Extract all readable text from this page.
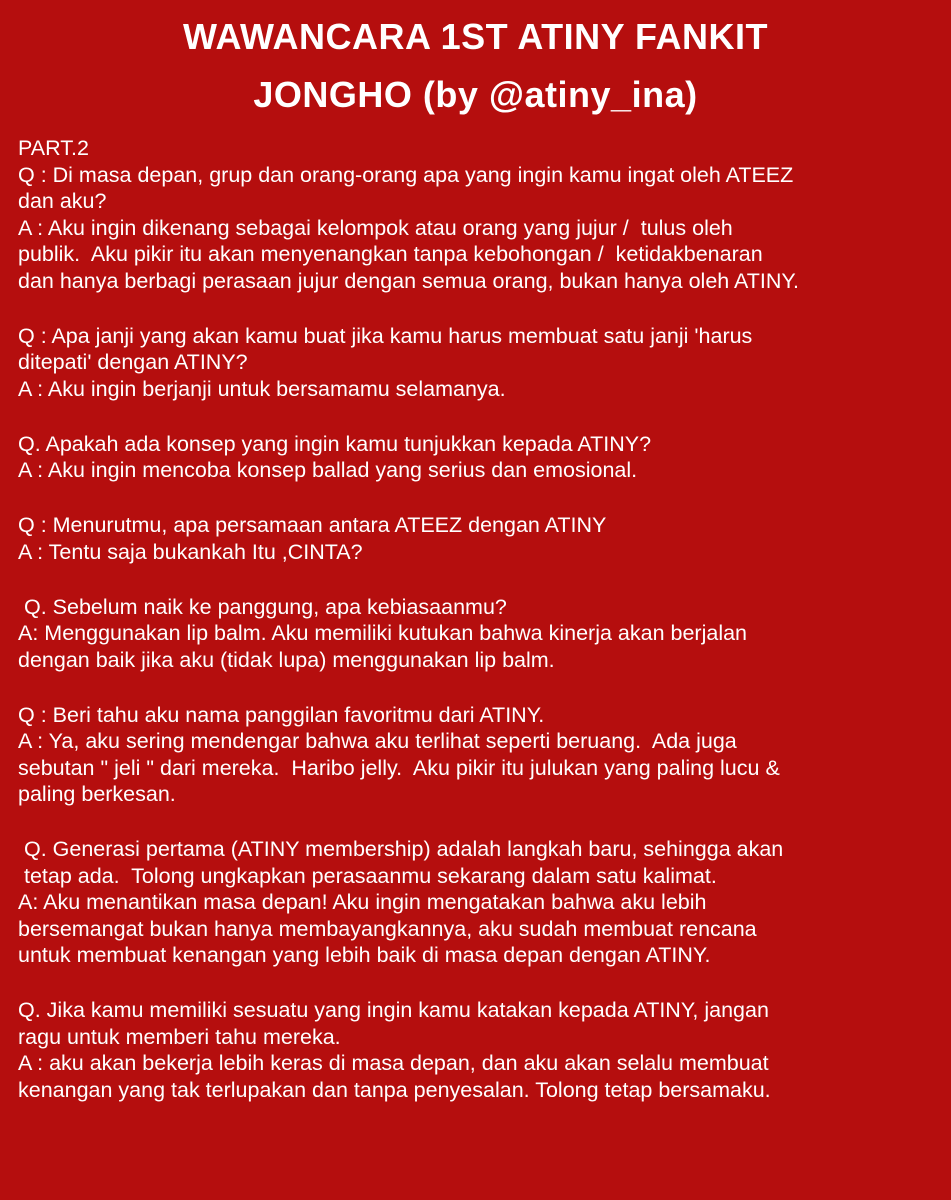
WAWANCARA 1ST ATINY FANKIT
JONGHO (by @atiny_ina)
PART.2
Q : Di masa depan, grup dan orang-orang apa yang ingin kamu ingat oleh ATEEZ
dan aku?
A : Aku ingin dikenang sebagai kelompok atau orang yang jujur /  tulus oleh
publik.  Aku pikir itu akan menyenangkan tanpa kebohongan /  ketidakbenaran
dan hanya berbagi perasaan jujur dengan semua orang, bukan hanya oleh ATINY.
Q : Apa janji yang akan kamu buat jika kamu harus membuat satu janji 'harus
ditepati' dengan ATINY?
A : Aku ingin berjanji untuk bersamamu selamanya.
Q. Apakah ada konsep yang ingin kamu tunjukkan kepada ATINY?
A : Aku ingin mencoba konsep ballad yang serius dan emosional.
Q : Menurutmu, apa persamaan antara ATEEZ dengan ATINY
A : Tentu saja bukankah Itu ,CINTA?
Q. Sebelum naik ke panggung, apa kebiasaanmu?
A: Menggunakan lip balm. Aku memiliki kutukan bahwa kinerja akan berjalan
dengan baik jika aku (tidak lupa) menggunakan lip balm.
Q : Beri tahu aku nama panggilan favoritmu dari ATINY.
A : Ya, aku sering mendengar bahwa aku terlihat seperti beruang.  Ada juga
sebutan " jeli " dari mereka.  Haribo jelly.  Aku pikir itu julukan yang paling lucu &
paling berkesan.
Q. Generasi pertama (ATINY membership) adalah langkah baru, sehingga akan
tetap ada.  Tolong ungkapkan perasaanmu sekarang dalam satu kalimat.
A: Aku menantikan masa depan! Aku ingin mengatakan bahwa aku lebih
bersemangat bukan hanya membayangkannya, aku sudah membuat rencana
untuk membuat kenangan yang lebih baik di masa depan dengan ATINY.
Q. Jika kamu memiliki sesuatu yang ingin kamu katakan kepada ATINY, jangan
ragu untuk memberi tahu mereka.
A : aku akan bekerja lebih keras di masa depan, dan aku akan selalu membuat
kenangan yang tak terlupakan dan tanpa penyesalan. Tolong tetap bersamaku.
